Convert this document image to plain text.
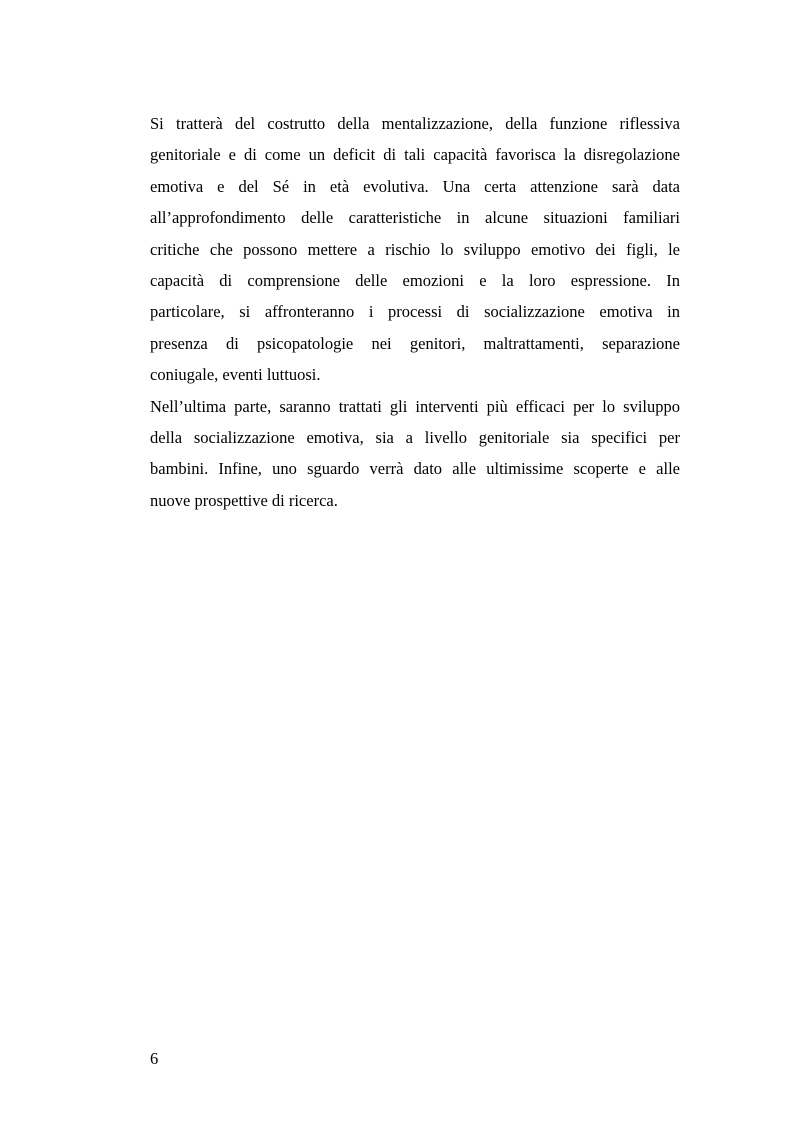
Si tratterà del costrutto della mentalizzazione, della funzione riflessiva
genitoriale e di come un deficit di tali capacità favorisca la disregolazione
emotiva e del Sé in età evolutiva. Una certa attenzione sarà data
all’approfondimento delle caratteristiche in alcune situazioni familiari
critiche che possono mettere a rischio lo sviluppo emotivo dei figli, le
capacità di comprensione delle emozioni e la loro espressione. In
particolare, si affronteranno i processi di socializzazione emotiva in
presenza di psicopatologie nei genitori, maltrattamenti, separazione
coniugale, eventi luttuosi.
Nell’ultima parte, saranno trattati gli interventi più efficaci per lo sviluppo
della socializzazione emotiva, sia a livello genitoriale sia specifici per
bambini. Infine, uno sguardo verrà dato alle ultimissime scoperte e alle
nuove prospettive di ricerca.
6
